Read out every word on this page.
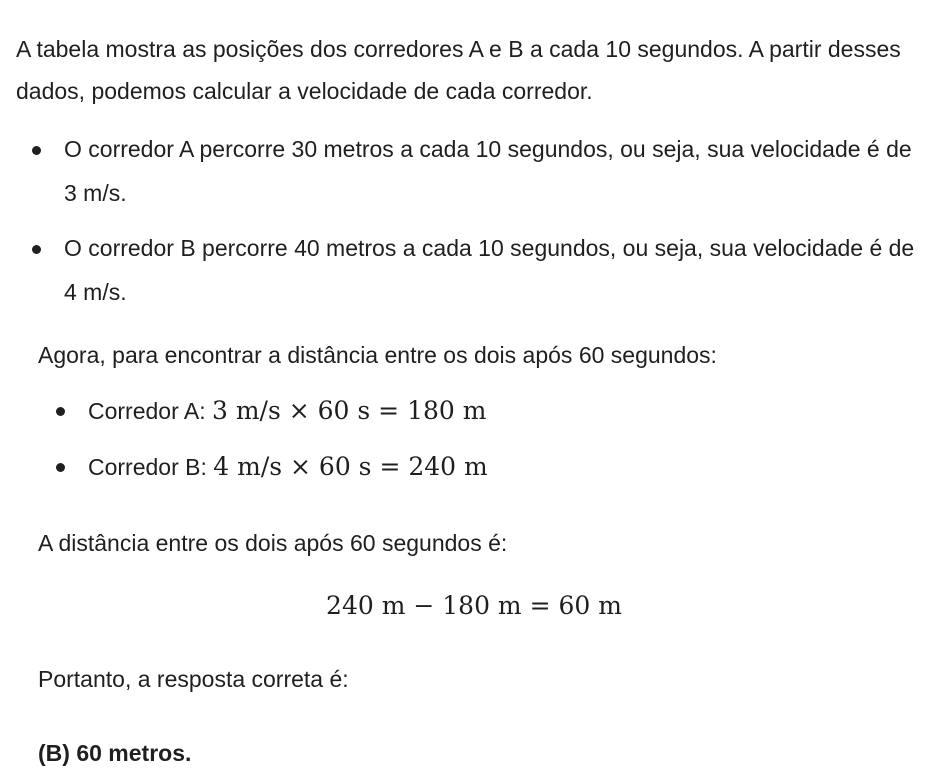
A tabela mostra as posições dos corredores A e B a cada 10 segundos. A partir desses dados, podemos calcular a velocidade de cada corredor.

O corredor A percorre 30 metros a cada 10 segundos, ou seja, sua velocidade é de 3 m/s.
O corredor B percorre 40 metros a cada 10 segundos, ou seja, sua velocidade é de 4 m/s.

Agora, para encontrar a distância entre os dois após 60 segundos:

Corredor A: 3 m/s × 60 s = 180 m
Corredor B: 4 m/s × 60 s = 240 m

A distância entre os dois após 60 segundos é:

240 m − 180 m = 60 m

Portanto, a resposta correta é:

(B) 60 metros.
